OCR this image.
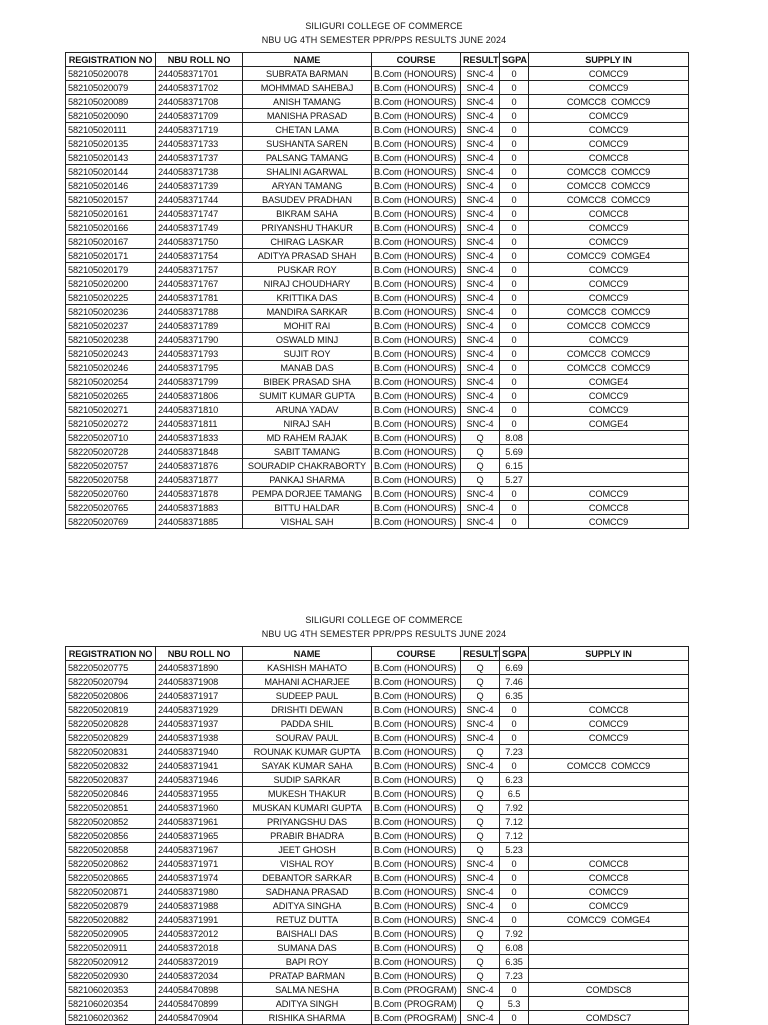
SILIGURI COLLEGE OF COMMERCE
NBU UG 4TH SEMESTER PPR/PPS RESULTS JUNE 2024
REGISTRATION NO	NBU ROLL NO	NAME	COURSE	RESULT	SGPA	SUPPLY IN
582105020078	244058371701	SUBRATA BARMAN	B.Com (HONOURS)	SNC-4	0	COMCC9
582105020079	244058371702	MOHMMAD SAHEBAJ	B.Com (HONOURS)	SNC-4	0	COMCC9
582105020089	244058371708	ANISH TAMANG	B.Com (HONOURS)	SNC-4	0	COMCC8  COMCC9
582105020090	244058371709	MANISHA PRASAD	B.Com (HONOURS)	SNC-4	0	COMCC9
582105020111	244058371719	CHETAN LAMA	B.Com (HONOURS)	SNC-4	0	COMCC9
582105020135	244058371733	SUSHANTA SAREN	B.Com (HONOURS)	SNC-4	0	COMCC9
582105020143	244058371737	PALSANG TAMANG	B.Com (HONOURS)	SNC-4	0	COMCC8
582105020144	244058371738	SHALINI AGARWAL	B.Com (HONOURS)	SNC-4	0	COMCC8  COMCC9
582105020146	244058371739	ARYAN TAMANG	B.Com (HONOURS)	SNC-4	0	COMCC8  COMCC9
582105020157	244058371744	BASUDEV PRADHAN	B.Com (HONOURS)	SNC-4	0	COMCC8  COMCC9
582105020161	244058371747	BIKRAM SAHA	B.Com (HONOURS)	SNC-4	0	COMCC8
582105020166	244058371749	PRIYANSHU THAKUR	B.Com (HONOURS)	SNC-4	0	COMCC9
582105020167	244058371750	CHIRAG LASKAR	B.Com (HONOURS)	SNC-4	0	COMCC9
582105020171	244058371754	ADITYA PRASAD SHAH	B.Com (HONOURS)	SNC-4	0	COMCC9  COMGE4
582105020179	244058371757	PUSKAR ROY	B.Com (HONOURS)	SNC-4	0	COMCC9
582105020200	244058371767	NIRAJ CHOUDHARY	B.Com (HONOURS)	SNC-4	0	COMCC9
582105020225	244058371781	KRITTIKA DAS	B.Com (HONOURS)	SNC-4	0	COMCC9
582105020236	244058371788	MANDIRA SARKAR	B.Com (HONOURS)	SNC-4	0	COMCC8  COMCC9
582105020237	244058371789	MOHIT RAI	B.Com (HONOURS)	SNC-4	0	COMCC8  COMCC9
582105020238	244058371790	OSWALD MINJ	B.Com (HONOURS)	SNC-4	0	COMCC9
582105020243	244058371793	SUJIT ROY	B.Com (HONOURS)	SNC-4	0	COMCC8  COMCC9
582105020246	244058371795	MANAB DAS	B.Com (HONOURS)	SNC-4	0	COMCC8  COMCC9
582105020254	244058371799	BIBEK PRASAD SHA	B.Com (HONOURS)	SNC-4	0	COMGE4
582105020265	244058371806	SUMIT KUMAR GUPTA	B.Com (HONOURS)	SNC-4	0	COMCC9
582105020271	244058371810	ARUNA YADAV	B.Com (HONOURS)	SNC-4	0	COMCC9
582105020272	244058371811	NIRAJ SAH	B.Com (HONOURS)	SNC-4	0	COMGE4
582205020710	244058371833	MD RAHEM RAJAK	B.Com (HONOURS)	Q	8.08	
582205020728	244058371848	SABIT TAMANG	B.Com (HONOURS)	Q	5.69	
582205020757	244058371876	SOURADIP CHAKRABORTY	B.Com (HONOURS)	Q	6.15	
582205020758	244058371877	PANKAJ SHARMA	B.Com (HONOURS)	Q	5.27	
582205020760	244058371878	PEMPA DORJEE TAMANG	B.Com (HONOURS)	SNC-4	0	COMCC9
582205020765	244058371883	BITTU HALDAR	B.Com (HONOURS)	SNC-4	0	COMCC8
582205020769	244058371885	VISHAL SAH	B.Com (HONOURS)	SNC-4	0	COMCC9
SILIGURI COLLEGE OF COMMERCE
NBU UG 4TH SEMESTER PPR/PPS RESULTS JUNE 2024
REGISTRATION NO	NBU ROLL NO	NAME	COURSE	RESULT	SGPA	SUPPLY IN
582205020775	244058371890	KASHISH MAHATO	B.Com (HONOURS)	Q	6.69	
582205020794	244058371908	MAHANI ACHARJEE	B.Com (HONOURS)	Q	7.46	
582205020806	244058371917	SUDEEP PAUL	B.Com (HONOURS)	Q	6.35	
582205020819	244058371929	DRISHTI DEWAN	B.Com (HONOURS)	SNC-4	0	COMCC8
582205020828	244058371937	PADDA SHIL	B.Com (HONOURS)	SNC-4	0	COMCC9
582205020829	244058371938	SOURAV PAUL	B.Com (HONOURS)	SNC-4	0	COMCC9
582205020831	244058371940	ROUNAK KUMAR GUPTA	B.Com (HONOURS)	Q	7.23	
582205020832	244058371941	SAYAK KUMAR SAHA	B.Com (HONOURS)	SNC-4	0	COMCC8  COMCC9
582205020837	244058371946	SUDIP SARKAR	B.Com (HONOURS)	Q	6.23	
582205020846	244058371955	MUKESH THAKUR	B.Com (HONOURS)	Q	6.5	
582205020851	244058371960	MUSKAN KUMARI GUPTA	B.Com (HONOURS)	Q	7.92	
582205020852	244058371961	PRIYANGSHU DAS	B.Com (HONOURS)	Q	7.12	
582205020856	244058371965	PRABIR BHADRA	B.Com (HONOURS)	Q	7.12	
582205020858	244058371967	JEET GHOSH	B.Com (HONOURS)	Q	5.23	
582205020862	244058371971	VISHAL ROY	B.Com (HONOURS)	SNC-4	0	COMCC8
582205020865	244058371974	DEBANTOR SARKAR	B.Com (HONOURS)	SNC-4	0	COMCC8
582205020871	244058371980	SADHANA PRASAD	B.Com (HONOURS)	SNC-4	0	COMCC9
582205020879	244058371988	ADITYA SINGHA	B.Com (HONOURS)	SNC-4	0	COMCC9
582205020882	244058371991	RETUZ DUTTA	B.Com (HONOURS)	SNC-4	0	COMCC9  COMGE4
582205020905	244058372012	BAISHALI DAS	B.Com (HONOURS)	Q	7.92	
582205020911	244058372018	SUMANA DAS	B.Com (HONOURS)	Q	6.08	
582205020912	244058372019	BAPI ROY	B.Com (HONOURS)	Q	6.35	
582205020930	244058372034	PRATAP BARMAN	B.Com (HONOURS)	Q	7.23	
582106020353	244058470898	SALMA NESHA	B.Com (PROGRAM)	SNC-4	0	COMDSC8
582106020354	244058470899	ADITYA SINGH	B.Com (PROGRAM)	Q	5.3	
582106020362	244058470904	RISHIKA SHARMA	B.Com (PROGRAM)	SNC-4	0	COMDSC7
